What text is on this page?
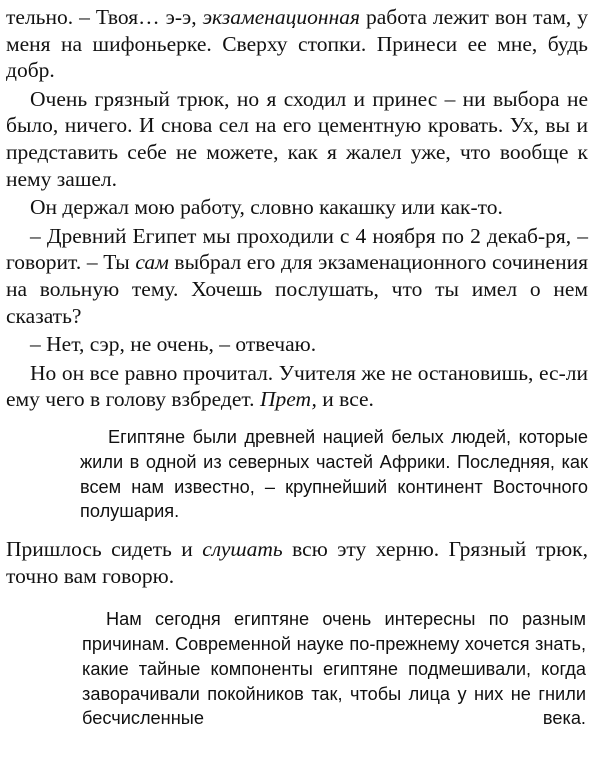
тельно. – Твоя… э-э, экзаменационная работа лежит вон там, у меня на шифоньерке. Сверху стопки. Принеси ее мне, будь добр.

Очень грязный трюк, но я сходил и принес – ни выбора не было, ничего. И снова сел на его цементную кровать. Ух, вы и представить себе не можете, как я жалел уже, что вообще к нему зашел.

Он держал мою работу, словно какашку или как-то.

– Древний Египет мы проходили с 4 ноября по 2 декаб-ря, – говорит. – Ты сам выбрал его для экзаменационного сочинения на вольную тему. Хочешь послушать, что ты имел о нем сказать?

– Нет, сэр, не очень, – отвечаю.

Но он все равно прочитал. Учителя же не остановишь, ес-ли ему чего в голову взбредет. Прет, и все.

Египтяне были древней нацией белых людей, которые жили в одной из северных частей Африки. Последняя, как всем нам известно, – крупнейший континент Восточного полушария.

Пришлось сидеть и слушать всю эту херню. Грязный трюк, точно вам говорю.

Нам сегодня египтяне очень интересны по разным причинам. Современной науке по-прежнему хочется знать, какие тайные компоненты египтяне подмешивали, когда заворачивали покойников так, чтобы лица у них не гнили бесчисленные века.
